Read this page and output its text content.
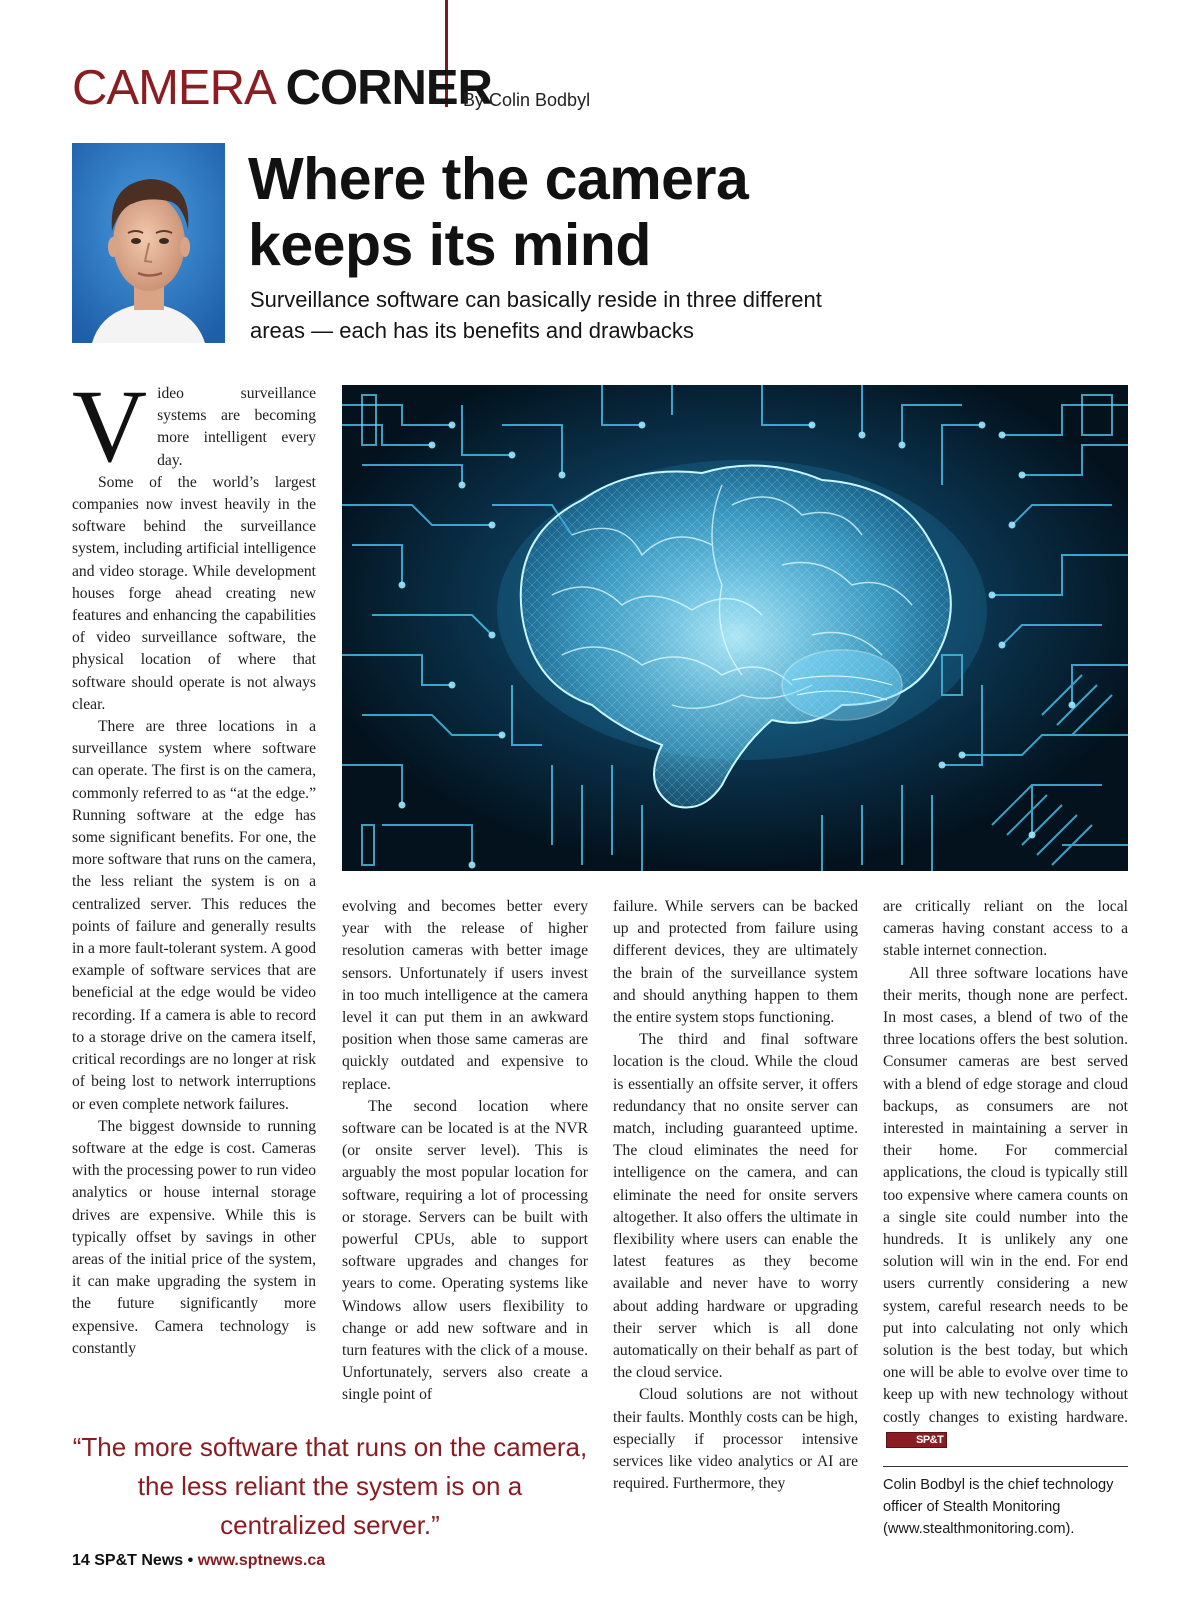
CAMERA CORNER
By Colin Bodbyl
Where the camera
keeps its mind
Surveillance software can basically reside in three different
areas — each has its benefits and drawbacks

Video surveillance systems are becoming more intelligent every day.

Some of the world’s largest companies now invest heavily in the software behind the surveillance system, including artificial intelligence and video storage. While development houses forge ahead creating new features and enhancing the capabilities of video surveillance software, the physical location of where that software should operate is not always clear.

There are three locations in a surveillance system where software can operate. The first is on the camera, commonly referred to as “at the edge.” Running software at the edge has some significant benefits. For one, the more software that runs on the camera, the less reliant the system is on a centralized server. This reduces the points of failure and generally results in a more fault-tolerant system. A good example of software services that are beneficial at the edge would be video recording. If a camera is able to record to a storage drive on the camera itself, critical recordings are no longer at risk of being lost to network interruptions or even complete network failures.

The biggest downside to running software at the edge is cost. Cameras with the processing power to run video analytics or house internal storage drives are expensive. While this is typically offset by savings in other areas of the initial price of the system, it can make upgrading the system in the future significantly more expensive. Camera technology is constantly

evolving and becomes better every year with the release of higher resolution cameras with better image sensors. Unfortunately if users invest in too much intelligence at the camera level it can put them in an awkward position when those same cameras are quickly outdated and expensive to replace.

The second location where software can be located is at the NVR (or onsite server level). This is arguably the most popular location for software, requiring a lot of processing or storage. Servers can be built with powerful CPUs, able to support software upgrades and changes for years to come. Operating systems like Windows allow users flexibility to change or add new software and in turn features with the click of a mouse. Unfortunately, servers also create a single point of

failure. While servers can be backed up and protected from failure using different devices, they are ultimately the brain of the surveillance system and should anything happen to them the entire system stops functioning.

The third and final software location is the cloud. While the cloud is essentially an offsite server, it offers redundancy that no onsite server can match, including guaranteed uptime. The cloud eliminates the need for intelligence on the camera, and can eliminate the need for onsite servers altogether. It also offers the ultimate in flexibility where users can enable the latest features as they become available and never have to worry about adding hardware or upgrading their server which is all done automatically on their behalf as part of the cloud service.

Cloud solutions are not without their faults. Monthly costs can be high, especially if processor intensive services like video analytics or AI are required. Furthermore, they

are critically reliant on the local cameras having constant access to a stable internet connection.

All three software locations have their merits, though none are perfect. In most cases, a blend of two of the three locations offers the best solution. Consumer cameras are best served with a blend of edge storage and cloud backups, as consumers are not interested in maintaining a server in their home. For commercial applications, the cloud is typically still too expensive where camera counts on a single site could number into the hundreds. It is unlikely any one solution will win in the end. For end users currently considering a new system, careful research needs to be put into calculating not only which solution is the best today, but which one will be able to evolve over time to keep up with new technology without costly changes to existing hardware.SP&T

Colin Bodbyl is the chief technology officer of Stealth Monitoring (www.stealthmonitoring.com).
“The more software that runs on the camera, the less reliant the system is on a centralized server.”
14 SP&T News • www.sptnews.ca
